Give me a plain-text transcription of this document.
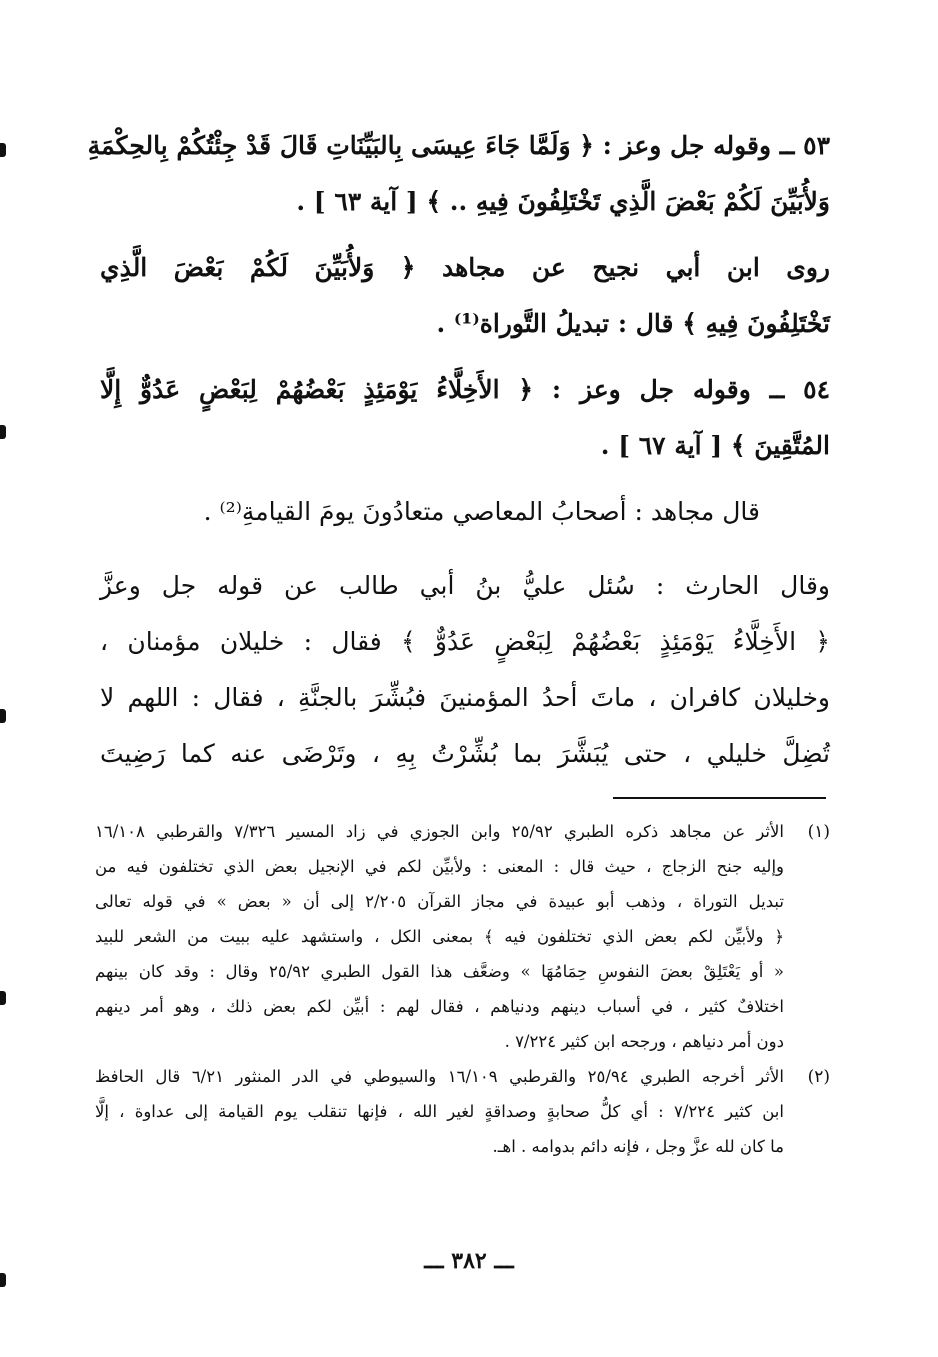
٥٣ ــ وقوله جل وعز : ﴿ وَلَمَّا جَاءَ عِيسَى بِالبَيِّنَاتِ قَالَ قَدْ جِئْتُكُمْ بِالحِكْمَةِ
وَلأُبَيِّنَ لَكُمْ بَعْضَ الَّذِي تَخْتَلِفُونَ فِيهِ .. ﴾ [ آية ٦٣ ] .
روى ابن أبي نجيح عن مجاهد ﴿ وَلأُبَيِّنَ لَكُمْ بَعْضَ الَّذِي
تَخْتَلِفُونَ فِيهِ ﴾ قال : تبديلُ التَّوراة⁽¹⁾ .
٥٤ ــ وقوله جل وعز : ﴿ الأَخِلَّاءُ يَوْمَئِذٍ بَعْضُهُمْ لِبَعْضٍ عَدُوٌّ إِلَّا
المُتَّقِينَ ﴾ [ آية ٦٧ ] .
قال مجاهد : أصحابُ المعاصي متعادُونَ يومَ القيامةِ⁽²⁾ .
وقال الحارث : سُئل عليُّ بنُ أبي طالب عن قوله جل وعزَّ
﴿ الأَخِلَّاءُ يَوْمَئِذٍ بَعْضُهُمْ لِبَعْضٍ عَدُوٌّ ﴾ فقال : خليلان مؤمنان ،
وخليلان كافران ، ماتَ أحدُ المؤمنينَ فبُشِّرَ بالجنَّةِ ، فقال : اللهم لا
تُضِلَّ خليلي ، حتى يُبَشَّرَ بما بُشِّرْتُ بِهِ ، وتَرْضَى عنه كما رَضِيتَ
(١)
الأثر عن مجاهد ذكره الطبري ٢٥/٩٢ وابن الجوزي في زاد المسير ٧/٣٢٦ والقرطبي ١٦/١٠٨
وإليه جنح الزجاج ، حيث قال : المعنى : ولأبيِّن لكم في الإنجيل بعض الذي تختلفون فيه من
تبديل التوراة ، وذهب أبو عبيدة في مجاز القرآن ٢/٢٠٥ إلى أن « بعض » في قوله تعالى
﴿ ولأبيِّن لكم بعض الذي تختلفون فيه ﴾ بمعنى الكل ، واستشهد عليه ببيت من الشعر للبيد
« أو يَعْتَلِقْ بعضَ النفوسِ حِمَامُهَا » وضعَّف هذا القول الطبري ٢٥/٩٢ وقال : وقد كان بينهم
اختلافٌ كثير ، في أسباب دينهم ودنياهم ، فقال لهم : أبيِّن لكم بعض ذلك ، وهو أمر دينهم
دون أمر دنياهم ، ورجحه ابن كثير ٧/٢٢٤ .
(٢)
الأثر أخرجه الطبري ٢٥/٩٤ والقرطبي ١٦/١٠٩ والسيوطي في الدر المنثور ٦/٢١ قال الحافظ
ابن كثير ٧/٢٢٤ : أي كلُّ صحابةٍ وصداقةٍ لغير الله ، فإنها تنقلب يوم القيامة إلى عداوة ، إلَّا
ما كان لله عزَّ وجل ، فإنه دائم بدوامه . اهـ.
ـــ ٣٨٢ ـــ
